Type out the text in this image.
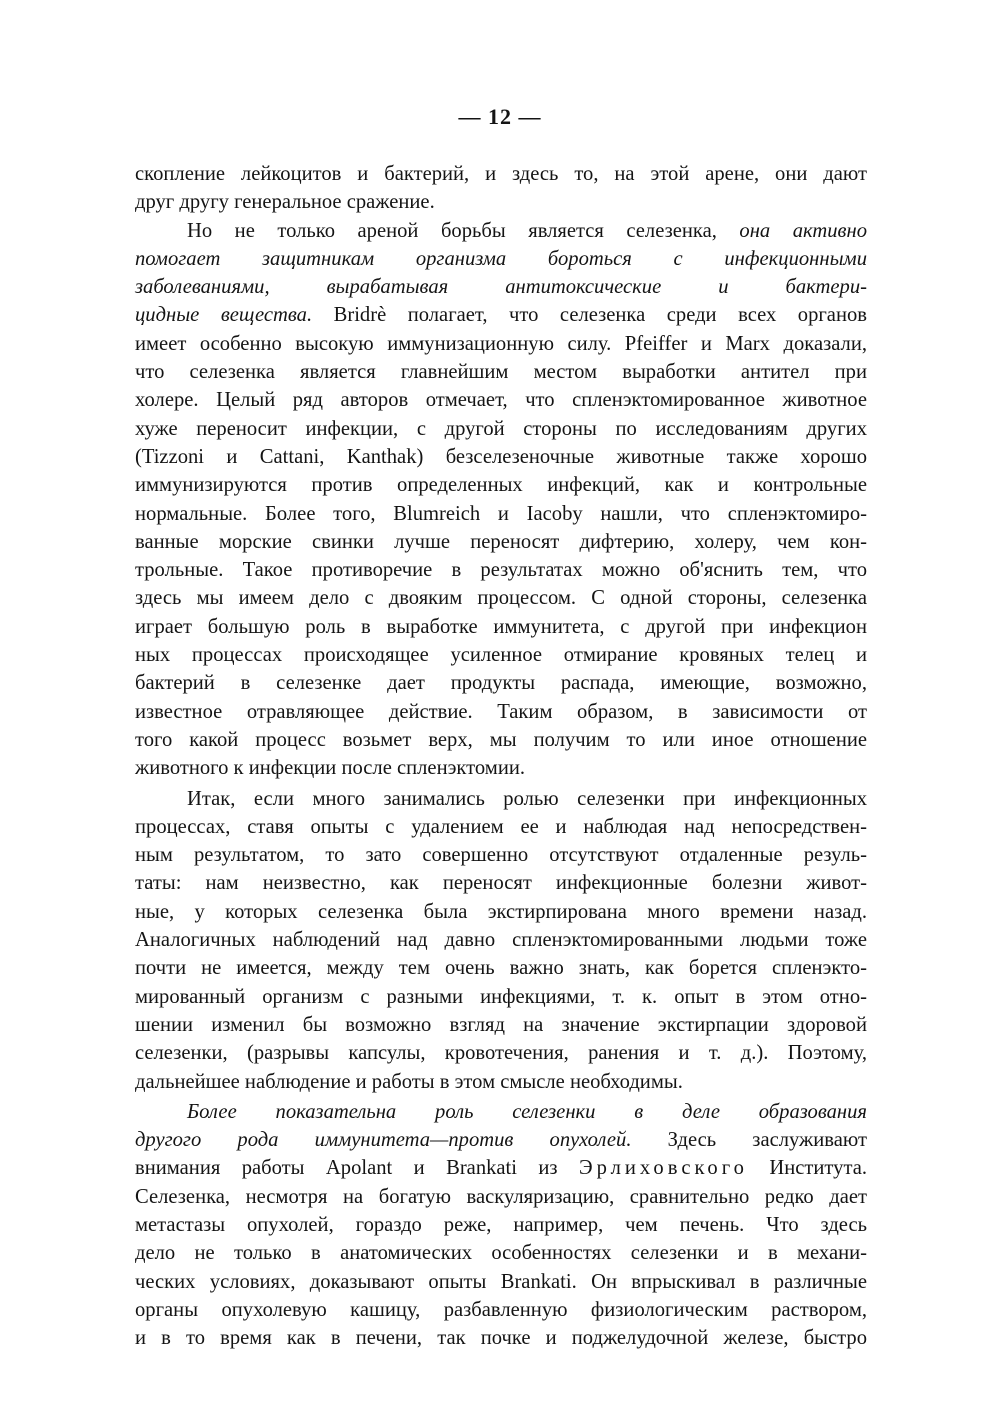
— 12 —
скопление лейкоцитов и бактерий, и здесь то, на этой арене, они дают
друг другу генеральное сражение.
Но не только ареной борьбы является селезенка, она активно
помогает защитникам организма бороться с инфекционными
заболеваниями, вырабатывая антитоксические и бактери-
цидные вещества. Bridrè полагает, что селезенка среди всех органов
имеет особенно высокую иммунизационную силу. Pfeiffer и Marx доказали,
что селезенка является главнейшим местом выработки антител при
холере. Целый ряд авторов отмечает, что спленэктомированное животное
хуже переносит инфекции, с другой стороны по исследованиям других
(Tizzoni и Cattani, Kanthak) безселезеночные животные также хорошо
иммунизируются против определенных инфекций, как и контрольные
нормальные. Более того, Blumreich и Iacoby нашли, что спленэктомиро-
ванные морские свинки лучше переносят дифтерию, холеру, чем кон-
трольные. Такое противоречие в результатах можно об'яснить тем, что
здесь мы имеем дело с двояким процессом. С одной стороны, селезенка
играет большую роль в выработке иммунитета, с другой при инфекцион
ных процессах происходящее усиленное отмирание кровяных телец и
бактерий в селезенке дает продукты распада, имеющие, возможно,
известное отравляющее действие. Таким образом, в зависимости от
того какой процесс возьмет верх, мы получим то или иное отношение
животного к инфекции после спленэктомии.
Итак, если много занимались ролью селезенки при инфекционных
процессах, ставя опыты с удалением ее и наблюдая над непосредствен-
ным результатом, то зато совершенно отсутствуют отдаленные резуль-
таты: нам неизвестно, как переносят инфекционные болезни живот-
ные, у которых селезенка была экстирпирована много времени назад.
Аналогичных наблюдений над давно спленэктомированными людьми тоже
почти не имеется, между тем очень важно знать, как борется спленэкто-
мированный организм с разными инфекциями, т. к. опыт в этом отно-
шении изменил бы возможно взгляд на значение экстирпации здоровой
селезенки, (разрывы капсулы, кровотечения, ранения и т. д.). Поэтому,
дальнейшее наблюдение и работы в этом смысле необходимы.
Более показательна роль селезенки в деле образования
другого рода иммунитета—против опухолей. Здесь заслуживают
внимания работы Apolant и Brankati из Эрлиховского Института.
Селезенка, несмотря на богатую васкуляризацию, сравнительно редко дает
метастазы опухолей, гораздо реже, например, чем печень. Что здесь
дело не только в анатомических особенностях селезенки и в механи-
ческих условиях, доказывают опыты Brankati. Он впрыскивал в различные
органы опухолевую кашицу, разбавленную физиологическим раствором,
и в то время как в печени, так почке и поджелудочной железе, быстро
